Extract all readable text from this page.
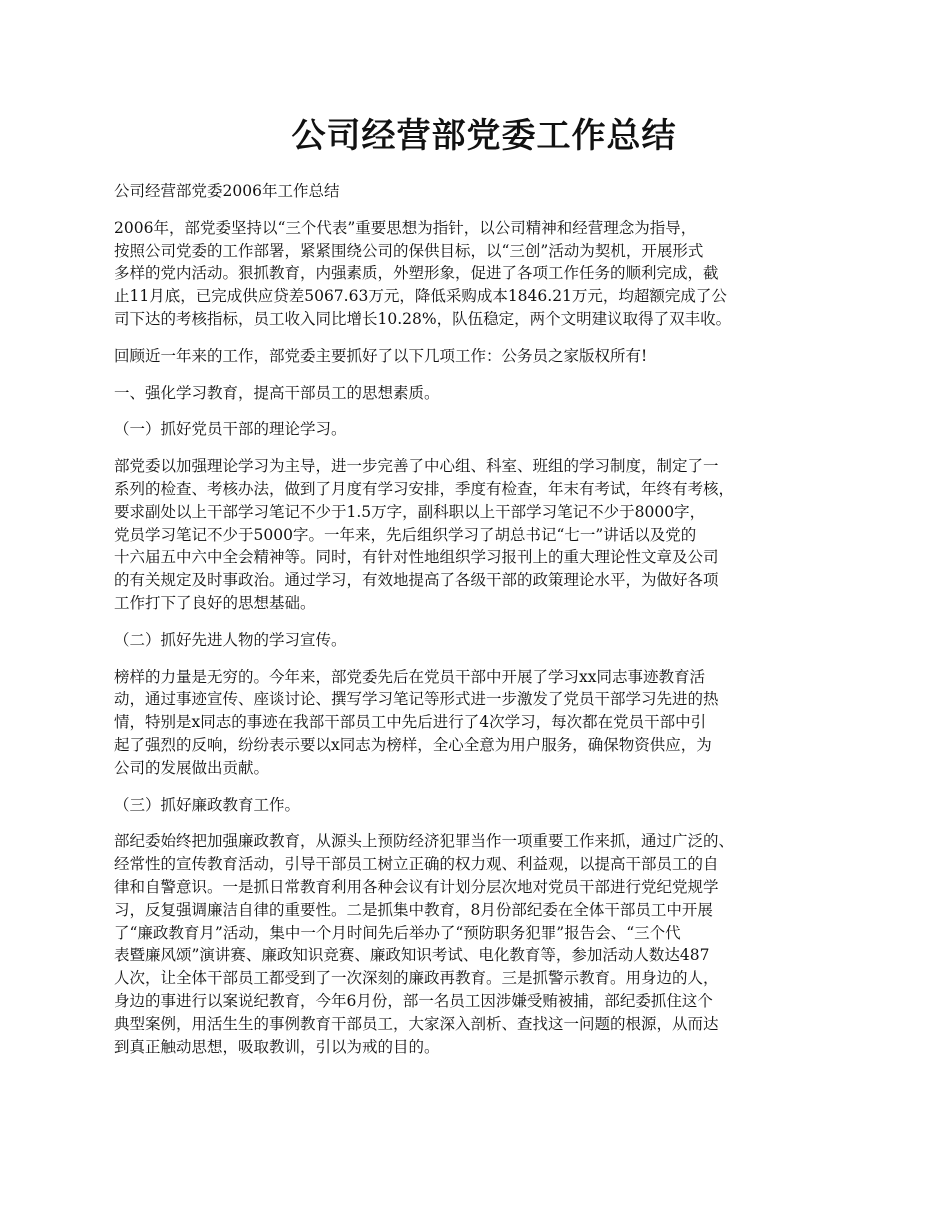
公司经营部党委工作总结

公司经营部党委2006年工作总结

2006年，部党委坚持以“三个代表”重要思想为指针，以公司精神和经营理念为指导，
按照公司党委的工作部署，紧紧围绕公司的保供目标，以“三创”活动为契机，开展形式
多样的党内活动。狠抓教育，内强素质，外塑形象，促进了各项工作任务的顺利完成，截
止11月底，已完成供应贷差5067.63万元，降低采购成本1846.21万元，均超额完成了公
司下达的考核指标，员工收入同比增长10.28%，队伍稳定，两个文明建议取得了双丰收。

回顾近一年来的工作，部党委主要抓好了以下几项工作：公务员之家版权所有!

一、强化学习教育，提高干部员工的思想素质。

（一）抓好党员干部的理论学习。

部党委以加强理论学习为主导，进一步完善了中心组、科室、班组的学习制度，制定了一
系列的检查、考核办法，做到了月度有学习安排，季度有检查，年末有考试，年终有考核，
要求副处以上干部学习笔记不少于1.5万字，副科职以上干部学习笔记不少于8000字，
党员学习笔记不少于5000字。一年来，先后组织学习了胡总书记“七一”讲话以及党的
十六届五中六中全会精神等。同时，有针对性地组织学习报刊上的重大理论性文章及公司
的有关规定及时事政治。通过学习，有效地提高了各级干部的政策理论水平，为做好各项
工作打下了良好的思想基础。

（二）抓好先进人物的学习宣传。

榜样的力量是无穷的。今年来，部党委先后在党员干部中开展了学习xx同志事迹教育活
动，通过事迹宣传、座谈讨论、撰写学习笔记等形式进一步激发了党员干部学习先进的热
情，特别是x同志的事迹在我部干部员工中先后进行了4次学习，每次都在党员干部中引
起了强烈的反响，纷纷表示要以x同志为榜样，全心全意为用户服务，确保物资供应，为
公司的发展做出贡献。

（三）抓好廉政教育工作。

部纪委始终把加强廉政教育，从源头上预防经济犯罪当作一项重要工作来抓，通过广泛的、
经常性的宣传教育活动，引导干部员工树立正确的权力观、利益观，以提高干部员工的自
律和自警意识。一是抓日常教育利用各种会议有计划分层次地对党员干部进行党纪党规学
习，反复强调廉洁自律的重要性。二是抓集中教育，8月份部纪委在全体干部员工中开展
了“廉政教育月”活动，集中一个月时间先后举办了“预防职务犯罪”报告会、“三个代
表暨廉风颂”演讲赛、廉政知识竞赛、廉政知识考试、电化教育等，参加活动人数达487
人次，让全体干部员工都受到了一次深刻的廉政再教育。三是抓警示教育。用身边的人，
身边的事进行以案说纪教育，今年6月份，部一名员工因涉嫌受贿被捕，部纪委抓住这个
典型案例，用活生生的事例教育干部员工，大家深入剖析、查找这一问题的根源，从而达
到真正触动思想，吸取教训，引以为戒的目的。
